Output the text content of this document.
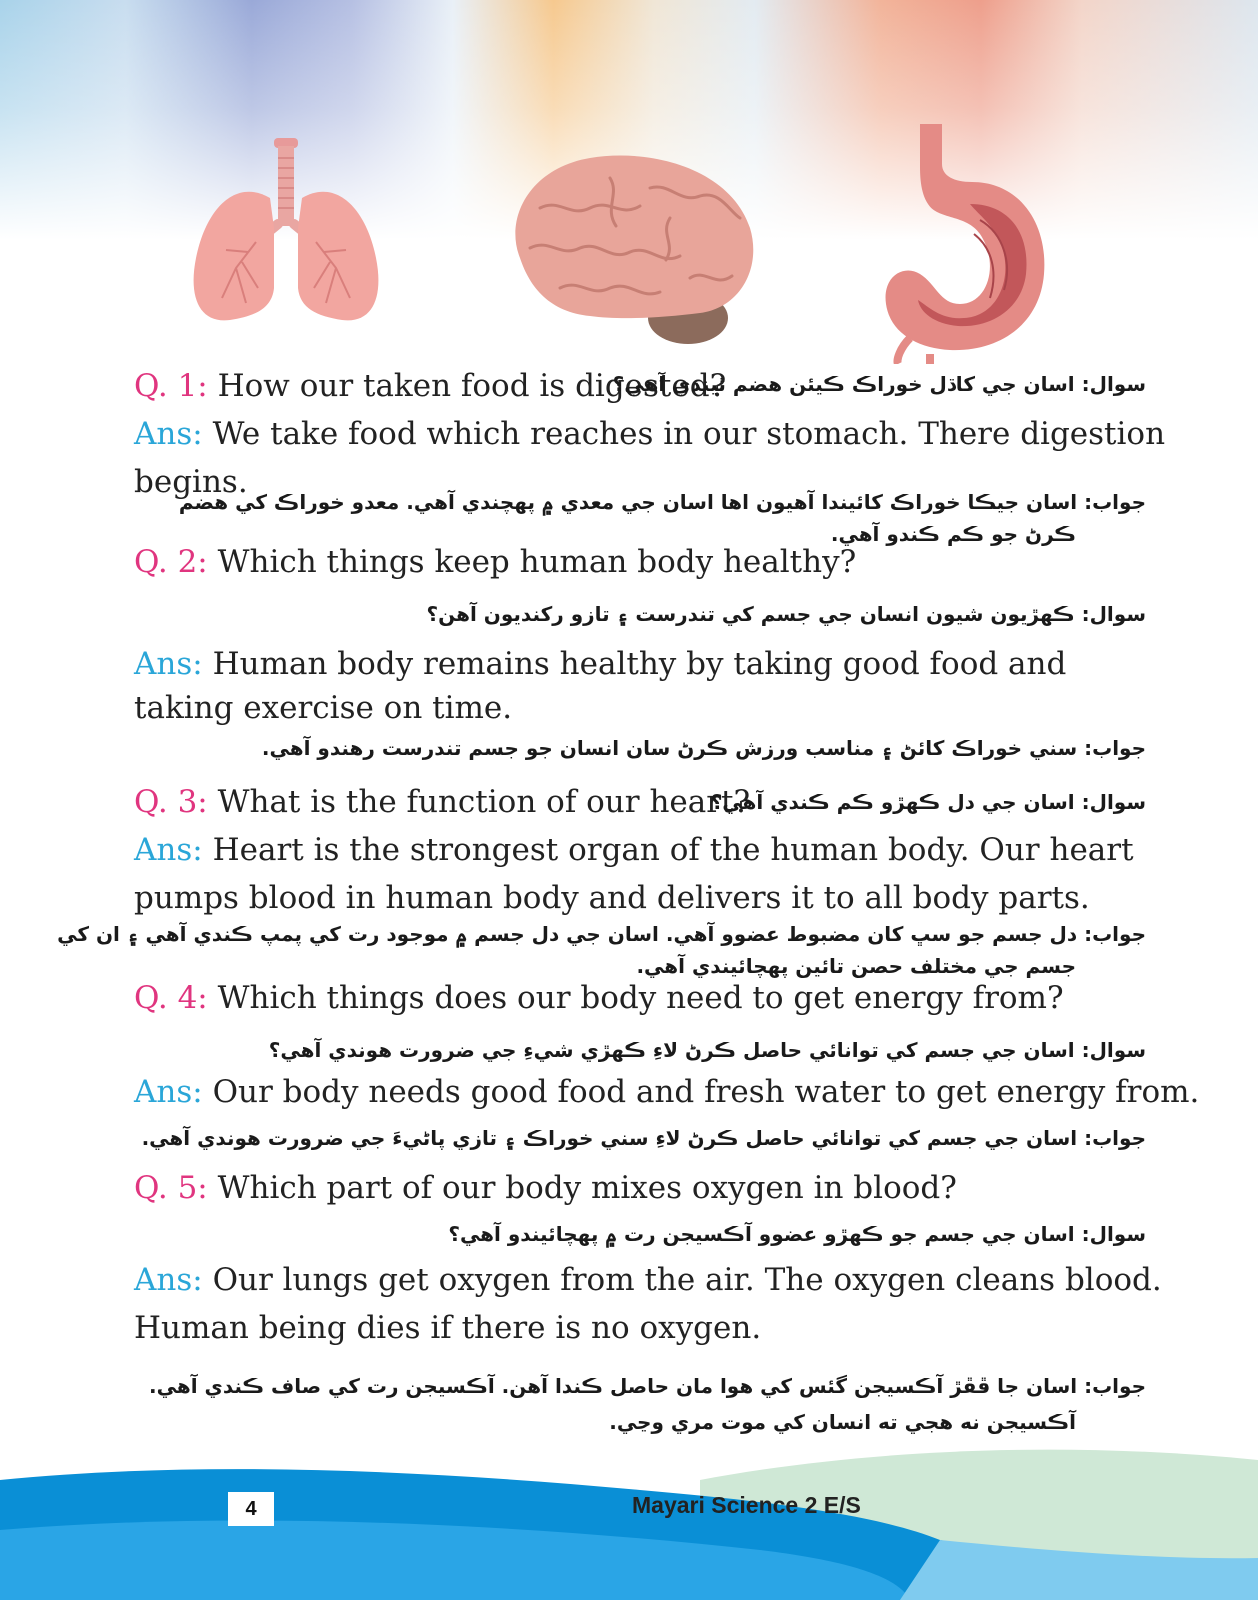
Q. 1: How our taken food is digested?
سوال: اسان جي کاڌل خوراڪ ڪيئن هضم ٿيندي آهي؟
Ans: We take food which reaches in our stomach. There digestion
begins.
جواب: اسان جيڪا خوراڪ کائيندا آهيون اها اسان جي معدي ۾ پهچندي آهي. معدو خوراڪ کي هضم
ڪرڻ جو ڪم ڪندو آهي.
Q. 2: Which things keep human body healthy?
سوال: ڪهڙيون شيون انسان جي جسم کي تندرست ۽ تازو رکنديون آهن؟
Ans: Human body remains healthy by taking good food and
taking exercise on time.
جواب: سني خوراڪ کائڻ ۽ مناسب ورزش ڪرڻ سان انسان جو جسم تندرست رهندو آهي.
Q. 3: What is the function of our heart?
سوال: اسان جي دل ڪهڙو ڪم ڪندي آهي؟
Ans: Heart is the strongest organ of the human body. Our heart
pumps blood in human body and delivers it to all body parts.
جواب: دل جسم جو سڀ کان مضبوط عضوو آهي. اسان جي دل جسم ۾ موجود رت کي پمپ ڪندي آهي ۽ ان کي
جسم جي مختلف حصن تائين پهچائيندي آهي.
Q. 4: Which things does our body need to get energy from?
سوال: اسان جي جسم کي توانائي حاصل ڪرڻ لاءِ ڪهڙي شيءِ جي ضرورت هوندي آهي؟
Ans: Our body needs good food and fresh water to get energy from.
جواب: اسان جي جسم کي توانائي حاصل ڪرڻ لاءِ سني خوراڪ ۽ تازي پاڻيءَ جي ضرورت هوندي آهي.
Q. 5: Which part of our body mixes oxygen in blood?
سوال: اسان جي جسم جو ڪهڙو عضوو آڪسيجن رت ۾ پهچائيندو آهي؟
Ans: Our lungs get oxygen from the air. The oxygen cleans blood.
Human being dies if there is no oxygen.
جواب: اسان جا ڦڦڙ آڪسيجن گئس کي هوا مان حاصل ڪندا آهن. آڪسيجن رت کي صاف ڪندي آهي.
آڪسيجن نه هجي ته انسان کي موت مري وڃي.
4	Mayari Science 2 E/S
